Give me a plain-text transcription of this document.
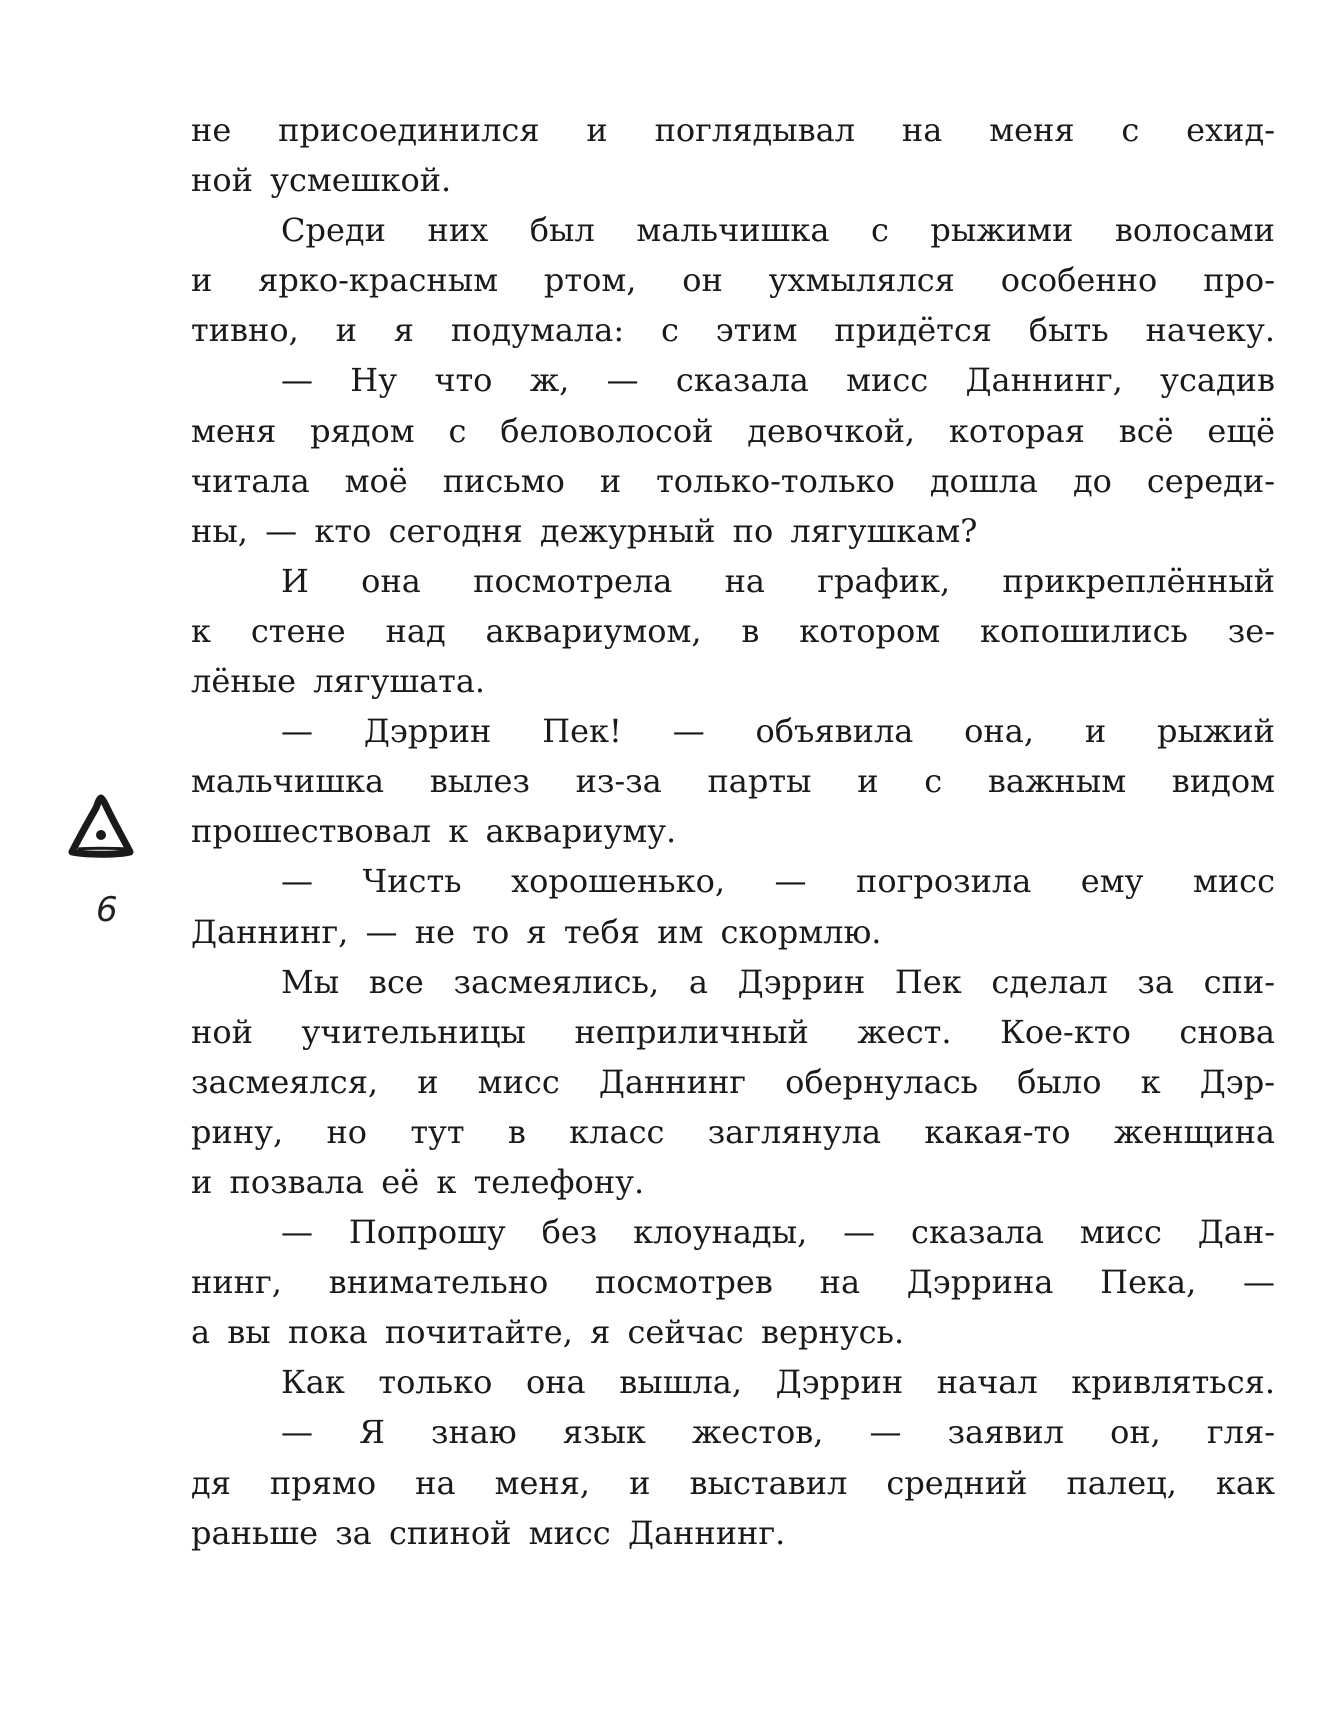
не присоединился и поглядывал на меня с ехид-
ной усмешкой.
Среди них был мальчишка с рыжими волосами
и ярко-красным ртом, он ухмылялся особенно про-
тивно, и я подумала: с этим придётся быть начеку.
— Ну что ж, — сказала мисс Даннинг, усадив
меня рядом с беловолосой девочкой, которая всё ещё
читала моё письмо и только-только дошла до середи-
ны, — кто сегодня дежурный по лягушкам?
И она посмотрела на график, прикреплённый
к стене над аквариумом, в котором копошились зе-
лёные лягушата.
— Дэррин Пек! — объявила она, и рыжий
мальчишка вылез из-за парты и с важным видом
прошествовал к аквариуму.
— Чисть хорошенько, — погрозила ему мисс
Даннинг, — не то я тебя им скормлю.
Мы все засмеялись, а Дэррин Пек сделал за спи-
ной учительницы неприличный жест. Кое-кто снова
засмеялся, и мисс Даннинг обернулась было к Дэр-
рину, но тут в класс заглянула какая-то женщина
и позвала её к телефону.
— Попрошу без клоунады, — сказала мисс Дан-
нинг, внимательно посмотрев на Дэррина Пека, —
а вы пока почитайте, я сейчас вернусь.
Как только она вышла, Дэррин начал кривляться.
— Я знаю язык жестов, — заявил он, гля-
дя прямо на меня, и выставил средний палец, как
раньше за спиной мисс Даннинг.
6
